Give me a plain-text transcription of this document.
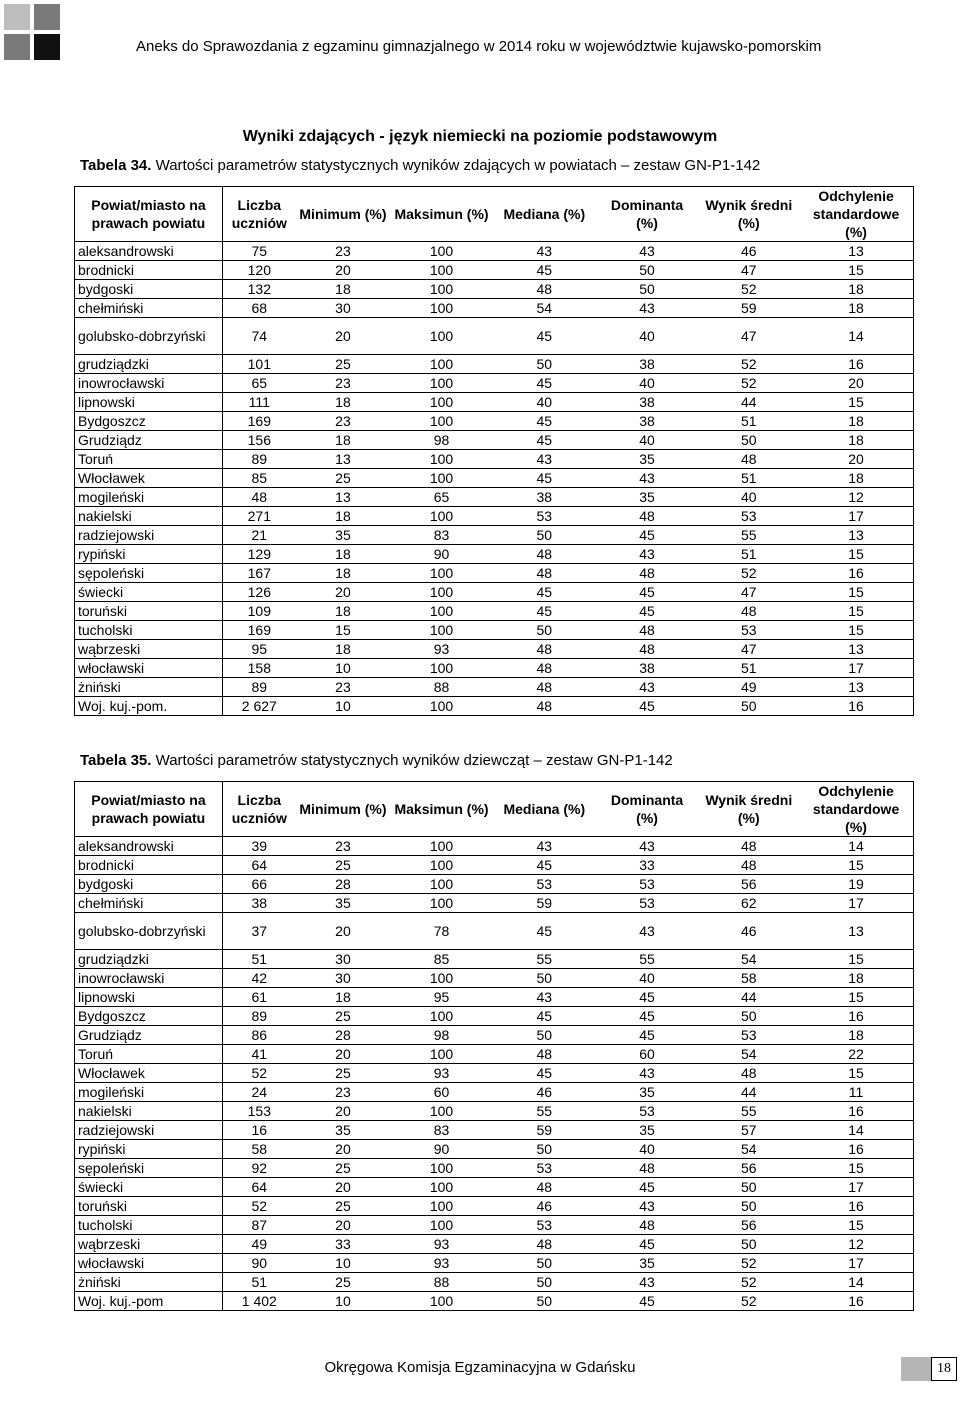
Aneks do Sprawozdania z egzaminu gimnazjalnego w 2014 roku w województwie kujawsko-pomorskim
Wyniki zdających - język niemiecki na poziomie podstawowym
Tabela 34. Wartości parametrów statystycznych wyników zdających w powiatach – zestaw GN-P1-142
Powiat/miasto na prawach powiatu	Liczba uczniów	Minimum (%)	Maksimun (%)	Mediana (%)	Dominanta (%)	Wynik średni (%)	Odchylenie standardowe (%)
aleksandrowski	75	23	100	43	43	46	13
brodnicki	120	20	100	45	50	47	15
bydgoski	132	18	100	48	50	52	18
chełmiński	68	30	100	54	43	59	18
golubsko-dobrzyński	74	20	100	45	40	47	14
grudziądzki	101	25	100	50	38	52	16
inowrocławski	65	23	100	45	40	52	20
lipnowski	111	18	100	40	38	44	15
Bydgoszcz	169	23	100	45	38	51	18
Grudziądz	156	18	98	45	40	50	18
Toruń	89	13	100	43	35	48	20
Włocławek	85	25	100	45	43	51	18
mogileński	48	13	65	38	35	40	12
nakielski	271	18	100	53	48	53	17
radziejowski	21	35	83	50	45	55	13
rypiński	129	18	90	48	43	51	15
sępoleński	167	18	100	48	48	52	16
świecki	126	20	100	45	45	47	15
toruński	109	18	100	45	45	48	15
tucholski	169	15	100	50	48	53	15
wąbrzeski	95	18	93	48	48	47	13
włocławski	158	10	100	48	38	51	17
żniński	89	23	88	48	43	49	13
Woj. kuj.-pom.	2 627	10	100	48	45	50	16
Tabela 35. Wartości parametrów statystycznych wyników dziewcząt – zestaw GN-P1-142
Powiat/miasto na prawach powiatu	Liczba uczniów	Minimum (%)	Maksimun (%)	Mediana (%)	Dominanta (%)	Wynik średni (%)	Odchylenie standardowe (%)
aleksandrowski	39	23	100	43	43	48	14
brodnicki	64	25	100	45	33	48	15
bydgoski	66	28	100	53	53	56	19
chełmiński	38	35	100	59	53	62	17
golubsko-dobrzyński	37	20	78	45	43	46	13
grudziądzki	51	30	85	55	55	54	15
inowrocławski	42	30	100	50	40	58	18
lipnowski	61	18	95	43	45	44	15
Bydgoszcz	89	25	100	45	45	50	16
Grudziądz	86	28	98	50	45	53	18
Toruń	41	20	100	48	60	54	22
Włocławek	52	25	93	45	43	48	15
mogileński	24	23	60	46	35	44	11
nakielski	153	20	100	55	53	55	16
radziejowski	16	35	83	59	35	57	14
rypiński	58	20	90	50	40	54	16
sępoleński	92	25	100	53	48	56	15
świecki	64	20	100	48	45	50	17
toruński	52	25	100	46	43	50	16
tucholski	87	20	100	53	48	56	15
wąbrzeski	49	33	93	48	45	50	12
włocławski	90	10	93	50	35	52	17
żniński	51	25	88	50	43	52	14
Woj. kuj.-pom	1 402	10	100	50	45	52	16
Okręgowa Komisja Egzaminacyjna w Gdańsku	18
